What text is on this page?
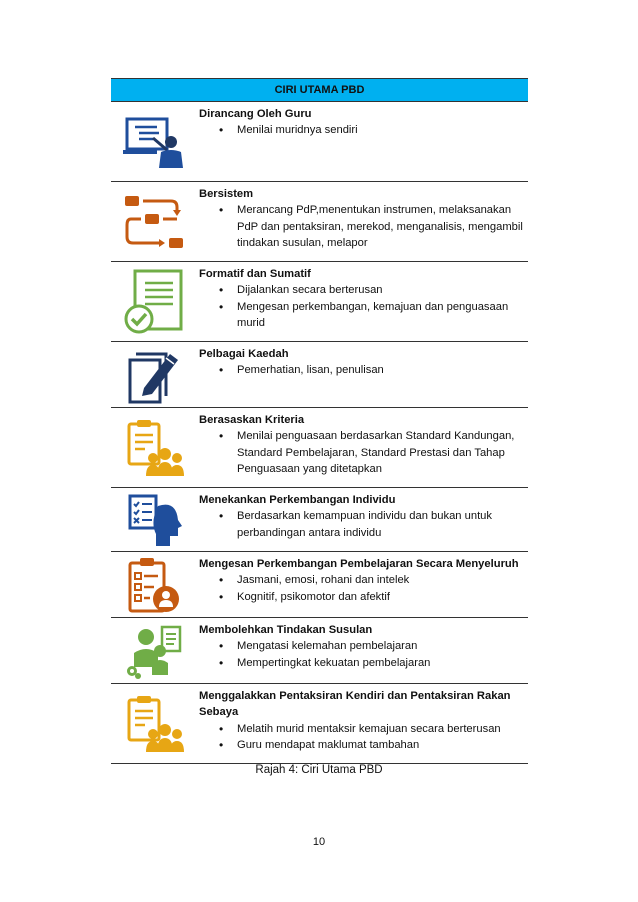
CIRI UTAMA PBD
Dirancang Oleh Guru
• Menilai muridnya sendiri
Bersistem
• Merancang PdP,menentukan instrumen, melaksanakan PdP dan pentaksiran, merekod, menganalisis, mengambil tindakan susulan, melapor
Formatif dan Sumatif
• Dijalankan secara berterusan
• Mengesan perkembangan, kemajuan dan penguasaan murid
Pelbagai Kaedah
• Pemerhatian, lisan, penulisan
Berasaskan Kriteria
• Menilai penguasaan berdasarkan Standard Kandungan, Standard Pembelajaran, Standard Prestasi dan Tahap Penguasaan yang ditetapkan
Menekankan Perkembangan Individu
• Berdasarkan kemampuan individu dan bukan untuk perbandingan antara individu
Mengesan Perkembangan Pembelajaran Secara Menyeluruh
• Jasmani, emosi, rohani dan intelek
• Kognitif, psikomotor dan afektif
Membolehkan Tindakan Susulan
• Mengatasi kelemahan pembelajaran
• Mempertingkat kekuatan pembelajaran
Menggalakkan Pentaksiran Kendiri dan Pentaksiran Rakan Sebaya
• Melatih murid mentaksir kemajuan secara berterusan
• Guru mendapat maklumat tambahan
Rajah 4: Ciri Utama PBD
10
